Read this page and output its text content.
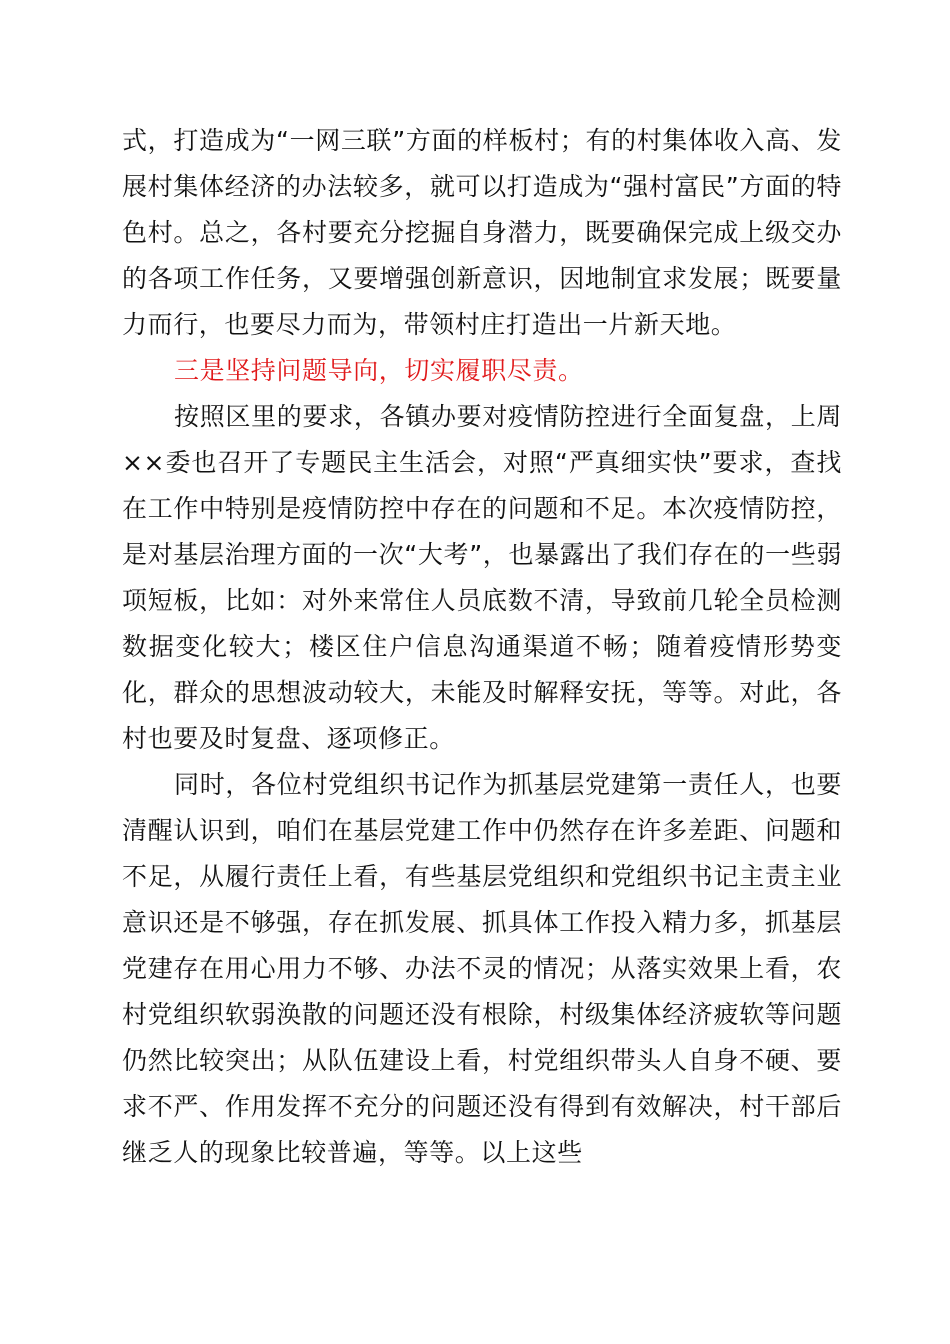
式，打造成为“一网三联”方面的样板村；有的村集体收入高、发展村集体经济的办法较多，就可以打造成为“强村富民”方面的特色村。总之，各村要充分挖掘自身潜力，既要确保完成上级交办的各项工作任务，又要增强创新意识，因地制宜求发展；既要量力而行，也要尽力而为，带领村庄打造出一片新天地。

三是坚持问题导向，切实履职尽责。

按照区里的要求，各镇办要对疫情防控进行全面复盘，上周××委也召开了专题民主生活会，对照“严真细实快”要求，查找在工作中特别是疫情防控中存在的问题和不足。本次疫情防控，是对基层治理方面的一次“大考”，也暴露出了我们存在的一些弱项短板，比如：对外来常住人员底数不清，导致前几轮全员检测数据变化较大；楼区住户信息沟通渠道不畅；随着疫情形势变化，群众的思想波动较大，未能及时解释安抚，等等。对此，各村也要及时复盘、逐项修正。

同时，各位村党组织书记作为抓基层党建第一责任人，也要清醒认识到，咱们在基层党建工作中仍然存在许多差距、问题和不足，从履行责任上看，有些基层党组织和党组织书记主责主业意识还是不够强，存在抓发展、抓具体工作投入精力多，抓基层党建存在用心用力不够、办法不灵的情况；从落实效果上看，农村党组织软弱涣散的问题还没有根除，村级集体经济疲软等问题仍然比较突出；从队伍建设上看，村党组织带头人自身不硬、要求不严、作用发挥不充分的问题还没有得到有效解决，村干部后继乏人的现象比较普遍，等等。以上这些
